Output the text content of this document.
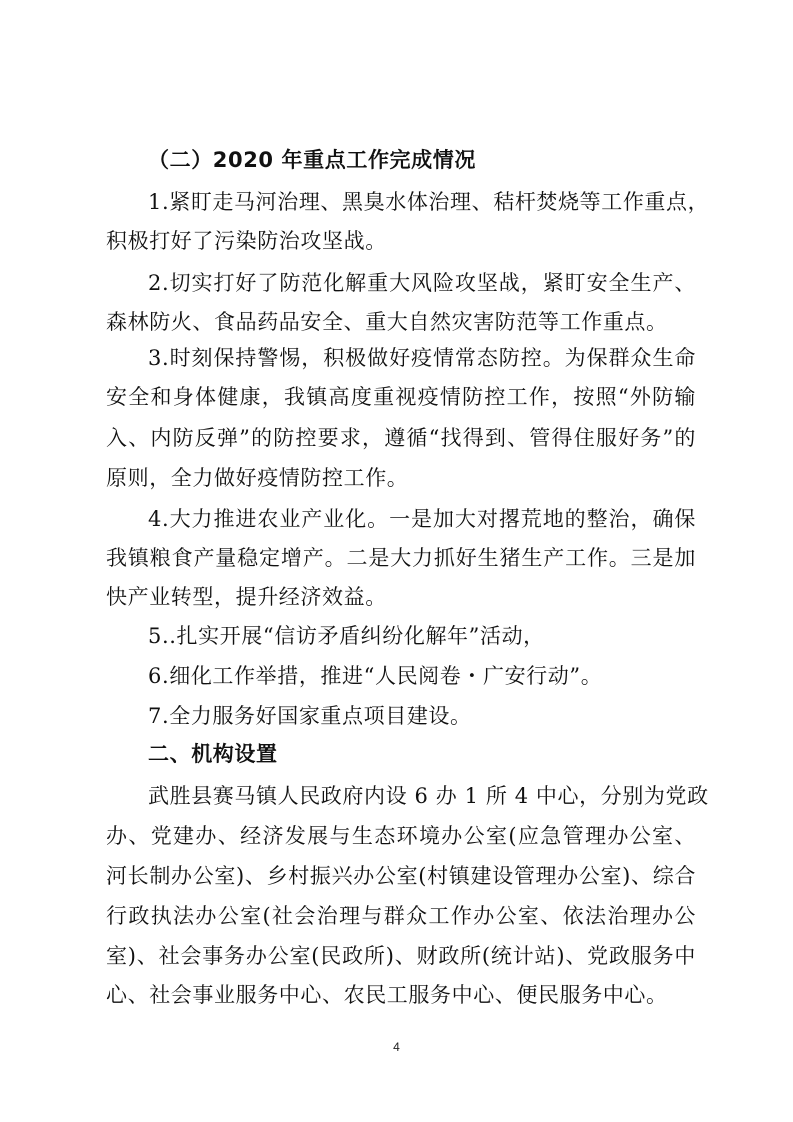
（二）2020 年重点工作完成情况
1.紧盯走马河治理、黑臭水体治理、秸杆焚烧等工作重点，
积极打好了污染防治攻坚战。
2.切实打好了防范化解重大风险攻坚战，紧盯安全生产、
森林防火、食品药品安全、重大自然灾害防范等工作重点。
3.时刻保持警惕，积极做好疫情常态防控。为保群众生命
安全和身体健康，我镇高度重视疫情防控工作，按照“外防输
入、内防反弹”的防控要求，遵循“找得到、管得住服好务”的
原则，全力做好疫情防控工作。
4.大力推进农业产业化。一是加大对撂荒地的整治，确保
我镇粮食产量稳定增产。二是大力抓好生猪生产工作。三是加
快产业转型，提升经济效益。
5..扎实开展“信访矛盾纠纷化解年”活动，
6.细化工作举措，推进“人民阅卷・广安行动”。
7.全力服务好国家重点项目建设。
二、机构设置
武胜县赛马镇人民政府内设 6 办 1 所 4 中心，分别为党政
办、党建办、经济发展与生态环境办公室(应急管理办公室、
河长制办公室)、乡村振兴办公室(村镇建设管理办公室)、综合
行政执法办公室(社会治理与群众工作办公室、依法治理办公
室)、社会事务办公室(民政所)、财政所(统计站)、党政服务中
心、社会事业服务中心、农民工服务中心、便民服务中心。
4
